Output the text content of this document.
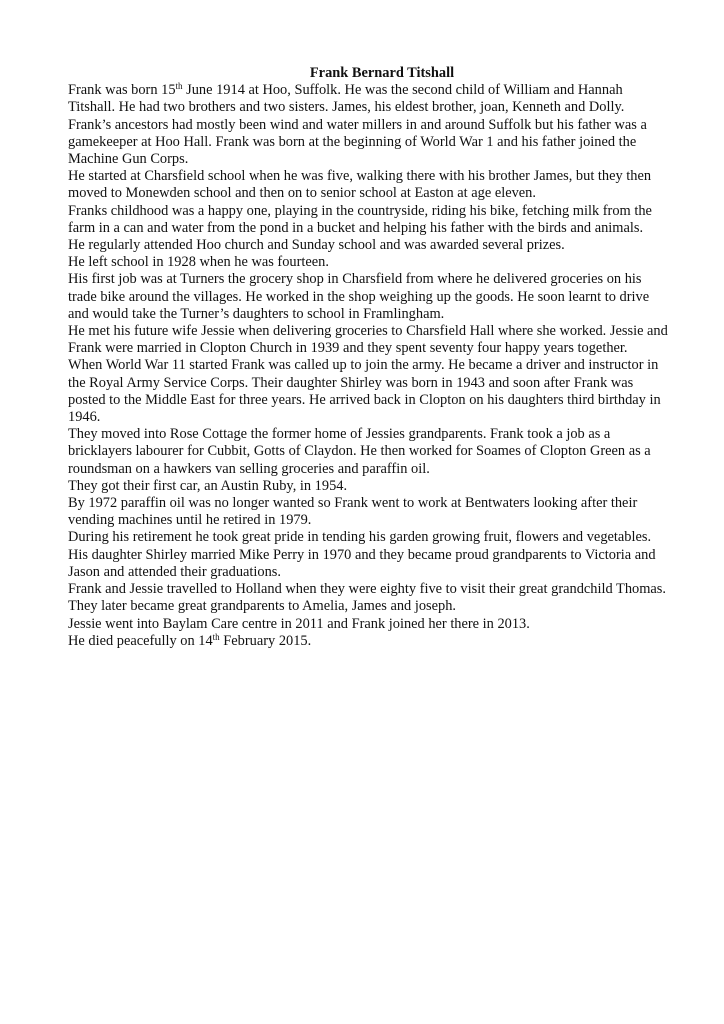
Frank Bernard Titshall

Frank was born 15th June 1914 at Hoo, Suffolk. He was the second child of William and Hannah Titshall. He had two brothers and two sisters. James, his eldest brother, joan, Kenneth and Dolly.

Frank’s ancestors had mostly been wind and water millers in and around Suffolk but his father was a gamekeeper at Hoo Hall. Frank was born at the beginning of World War 1 and his father joined the Machine Gun Corps.

He started at Charsfield school when he was five, walking there with his brother James, but they then moved to Monewden school and then on to senior school at Easton at age eleven.

Franks childhood was a happy one, playing in the countryside, riding his bike, fetching milk from the farm in a can and water from the pond in a bucket and helping his father with the birds and animals.

He regularly attended Hoo church and Sunday school and was awarded several prizes.

He left school in 1928 when he was fourteen.

His first job was at Turners the grocery shop in Charsfield from where he delivered groceries on his trade bike around the villages. He worked in the shop weighing up the goods. He soon learnt to drive and would take the Turner’s daughters to school in Framlingham.

He met his future wife Jessie when delivering groceries to Charsfield Hall where she worked. Jessie and Frank were married in Clopton Church in 1939 and they spent seventy four happy years together.

When World War 11 started Frank was called up to join the army. He became a driver and instructor in the Royal Army Service Corps. Their daughter Shirley was born in 1943 and soon after Frank was posted to the Middle East for three years. He arrived back in Clopton on his daughters third birthday in 1946.

They moved into Rose Cottage the former home of Jessies grandparents. Frank took a job as a bricklayers labourer for Cubbit, Gotts of Claydon. He then worked for Soames of Clopton Green as a roundsman on a hawkers van selling groceries and paraffin oil.

They got their first car, an Austin Ruby, in 1954.

By 1972 paraffin oil was no longer wanted so Frank went to work at Bentwaters looking after their vending machines until he retired in 1979.

During his retirement he took great pride in tending his garden growing fruit, flowers and vegetables.

His daughter Shirley married Mike Perry in 1970 and they became proud grandparents to Victoria and Jason and attended their graduations.

Frank and Jessie travelled to Holland when they were eighty five to visit their great grandchild Thomas. They later became great grandparents to Amelia, James and joseph.

Jessie went into Baylam Care centre in 2011 and Frank joined her there in 2013.

He died peacefully on 14th February 2015.
